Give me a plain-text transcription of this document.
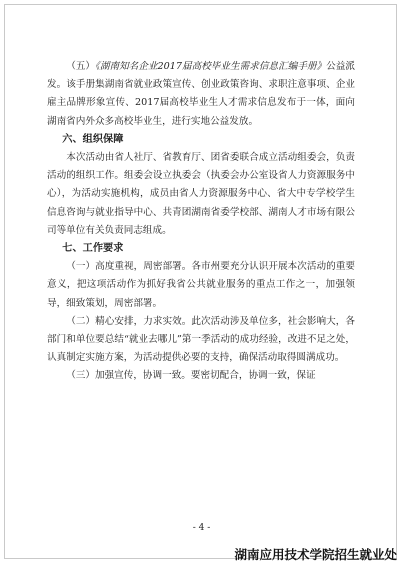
（五）《湖南知名企业2017届高校毕业生需求信息汇编手册》公益派发。该手册集湖南省就业政策宣传、创业政策咨询、求职注意事项、企业雇主品牌形象宣传、2017届高校毕业生人才需求信息发布于一体，面向湖南省内外众多高校毕业生，进行实地公益发放。

六、组织保障

本次活动由省人社厅、省教育厅、团省委联合成立活动组委会，负责活动的组织工作。组委会设立执委会（执委会办公室设省人力资源服务中心），为活动实施机构，成员由省人力资源服务中心、省大中专学校学生信息咨询与就业指导中心、共青团湖南省委学校部、湖南人才市场有限公司等单位有关负责同志组成。

七、工作要求

（一）高度重视，周密部署。各市州要充分认识开展本次活动的重要意义，把这项活动作为抓好我省公共就业服务的重点工作之一，加强领导，细致策划，周密部署。

（二）精心安排，力求实效。此次活动涉及单位多，社会影响大，各部门和单位要总结“就业去哪儿”第一季活动的成功经验，改进不足之处，认真制定实施方案，为活动提供必要的支持，确保活动取得圆满成功。

（三）加强宣传，协调一致。要密切配合，协调一致，保证

- 4 -
湖南应用技术学院招生就业处
